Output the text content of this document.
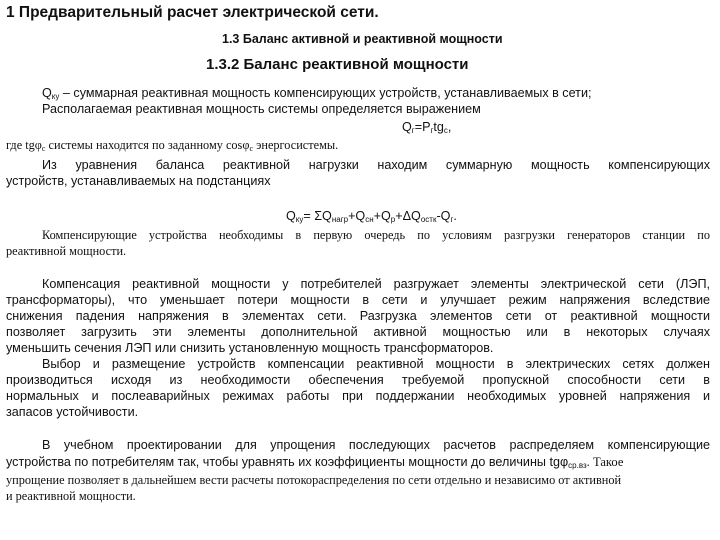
1 Предварительный расчет электрической сети.
1.3 Баланс активной и реактивной мощности
1.3.2 Баланс реактивной мощности
$Q_{ку}$ – суммарная реактивная мощность компенсирующих устройств, устанавливаемых в сети;
Располагаемая реактивная мощность системы определяется выражением
$Q_г=P_гtg_c$,
где tgφ$_c$ системы находится по заданному cosφ$_c$ энергосистемы.
Из уравнения баланса реактивной нагрузки находим суммарную мощность компенсирующих
устройств, устанавливаемых на подстанциях
$Q_{ку}= \Sigma Q_{нагр}+Q_{сн}+Q_р+\Delta Q_{остк}-Q_г$.
Компенсирующие устройства необходимы в первую очередь по условиям разгрузки генераторов станции по
реактивной мощности.
Компенсация реактивной мощности у потребителей разгружает элементы электрической сети (ЛЭП,
трансформаторы), что уменьшает потери мощности в сети и улучшает режим напряжения вследствие
снижения падения напряжения в элементах сети. Разгрузка элементов сети от реактивной мощности
позволяет загрузить эти элементы дополнительной активной мощностью или в некоторых случаях
уменьшить сечения ЛЭП или снизить установленную мощность трансформаторов.
Выбор и размещение устройств компенсации реактивной мощности в электрических сетях должен
производиться исходя из необходимости обеспечения требуемой пропускной способности сети в
нормальных и послеаварийных режимах работы при поддержании необходимых уровней напряжения и
запасов устойчивости.
В учебном проектировании для упрощения последующих расчетов распределяем компенсирующие
устройства по потребителям так, чтобы уравнять их коэффициенты мощности до величины tgφ$_{ср.вз}$. Такое
упрощение позволяет в дальнейшем вести расчеты потокораспределения по сети отдельно и независимо от активной
и реактивной мощности.
